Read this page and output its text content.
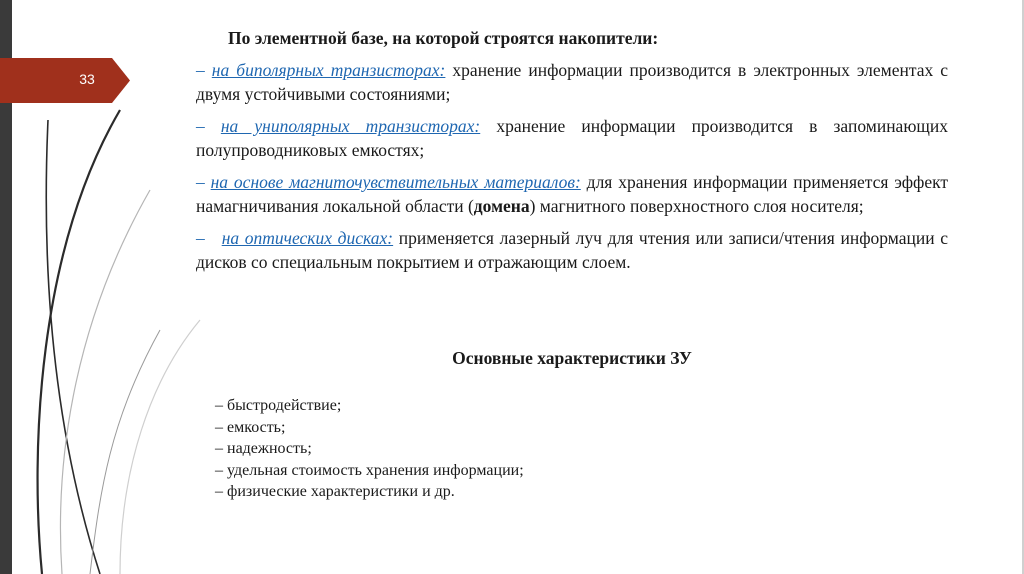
33

По элементной базе, на которой строятся накопители:

– на биполярных транзисторах: хранение информации производится в электронных элементах с двумя устойчивыми состояниями;

– на униполярных транзисторах: хранение информации производится в запоминающих полупроводниковых емкостях;

– на основе магниточувствительных материалов: для хранения информации применяется эффект намагничивания локальной области (домена) магнитного поверхностного слоя носителя;

– на оптических дисках: применяется лазерный луч для чтения или записи/чтения информации с дисков со специальным покрытием и отражающим слоем.

Основные характеристики ЗУ
– быстродействие;
– емкость;
– надежность;
– удельная стоимость хранения информации;
– физические характеристики и др.
